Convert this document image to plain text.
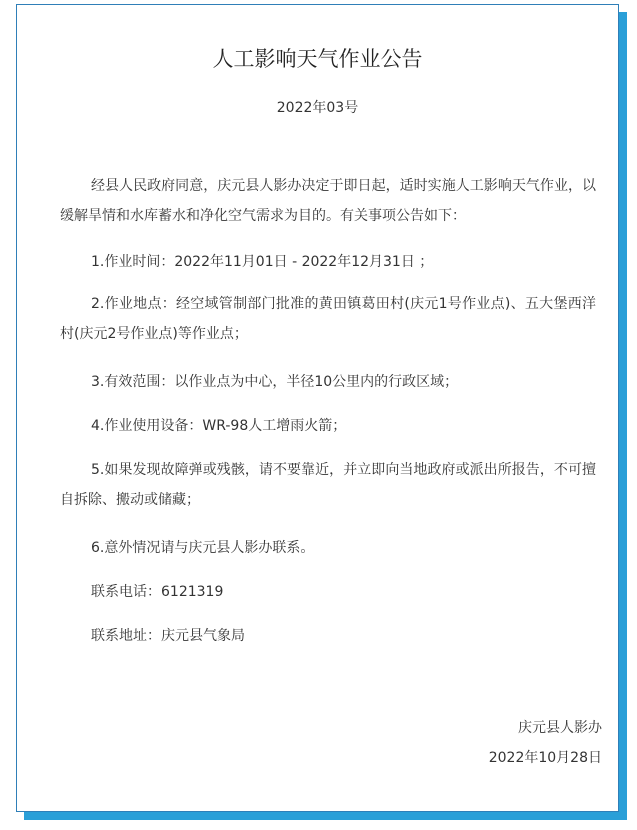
人工影响天气作业公告
2022年03号

经县人民政府同意，庆元县人影办决定于即日起，适时实施人工影响天气作业，以缓解旱情和水库蓄水和净化空气需求为目的。有关事项公告如下：

1.作业时间：2022年11月01日 - 2022年12月31日 ；

2.作业地点：经空域管制部门批准的黄田镇葛田村(庆元1号作业点)、五大堡西洋村(庆元2号作业点)等作业点；

3.有效范围：以作业点为中心，半径10公里内的行政区域；

4.作业使用设备：WR-98人工增雨火箭；

5.如果发现故障弹或残骸，请不要靠近，并立即向当地政府或派出所报告，不可擅自拆除、搬动或储藏；

6.意外情况请与庆元县人影办联系。

联系电话：6121319

联系地址：庆元县气象局

庆元县人影办
2022年10月28日
